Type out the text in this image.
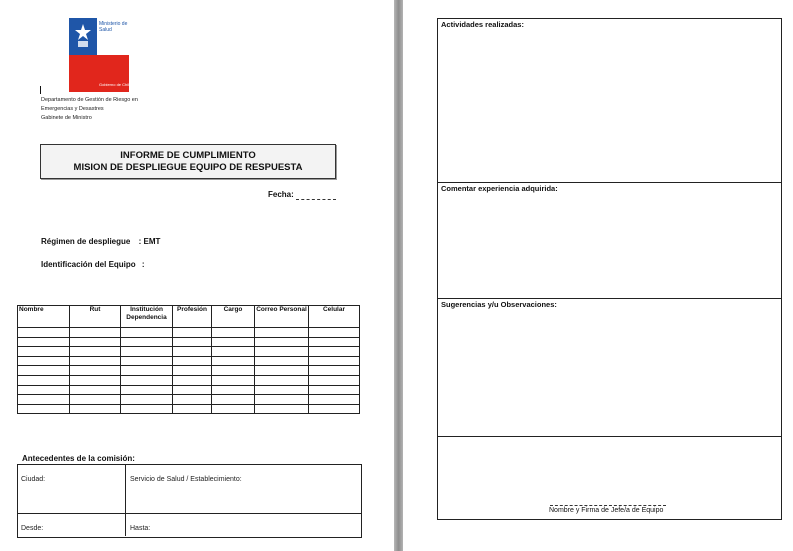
Ministerio de Salud
Gobierno de Chile
Departamento de Gestión de Riesgo en
Emergencias y Desastres
Gabinete de Ministro
INFORME DE CUMPLIMIENTO
MISION DE DESPLIEGUE EQUIPO DE RESPUESTA
Fecha:
Régimen de despliegue : EMT
Identificación del Equipo :
Nombre	Rut	Institución Dependencia	Profesión	Cargo	Correo Personal	Celular

Antecedentes de la comisión:
Ciudad:	Servicio de Salud / Establecimiento:
Desde:	Hasta:
Actividades realizadas:
Comentar experiencia adquirida:
Sugerencias y/u Observaciones:
Nombre y Firma de Jefe/a de Equipo
